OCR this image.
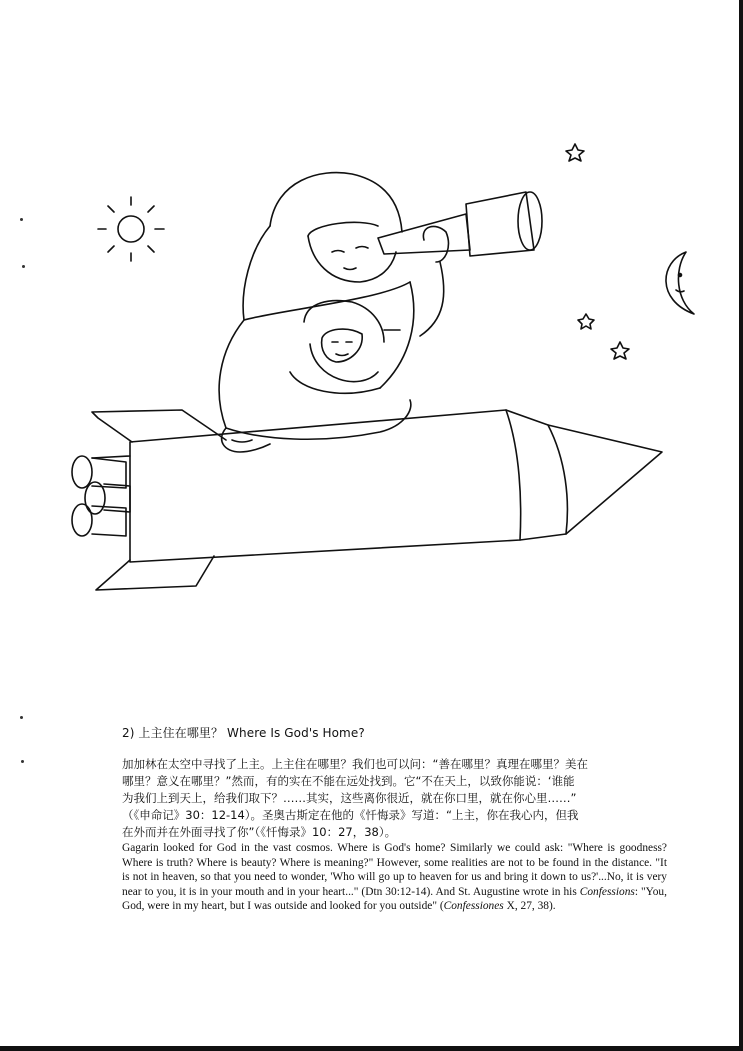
2) 上主住在哪里？ Where Is God's Home?
加加林在太空中寻找了上主。上主住在哪里？我们也可以问：“善在哪里？真理在哪里？美在
哪里？意义在哪里？”然而，有的实在不能在远处找到。它“不在天上，以致你能说：‘谁能
为我们上到天上，给我们取下？……其实，这些离你很近，就在你口里，就在你心里……”
（《申命记》30：12-14）。圣奥古斯定在他的《忏悔录》写道：“上主，你在我心内，但我
在外而并在外面寻找了你”（《忏悔录》10：27，38）。
Gagarin looked for God in the vast cosmos. Where is God's home? Similarly we could ask: "Where is goodness? Where is truth? Where is beauty? Where is meaning?" However, some realities are not to be found in the distance. "It is not in heaven, so that you need to wonder, 'Who will go up to heaven for us and bring it down to us?'...No, it is very near to you, it is in your mouth and in your heart..." (Dtn 30:12-14). And St. Augustine wrote in his Confessions: "You, God, were in my heart, but I was outside and looked for you outside" (Confessiones X, 27, 38).
